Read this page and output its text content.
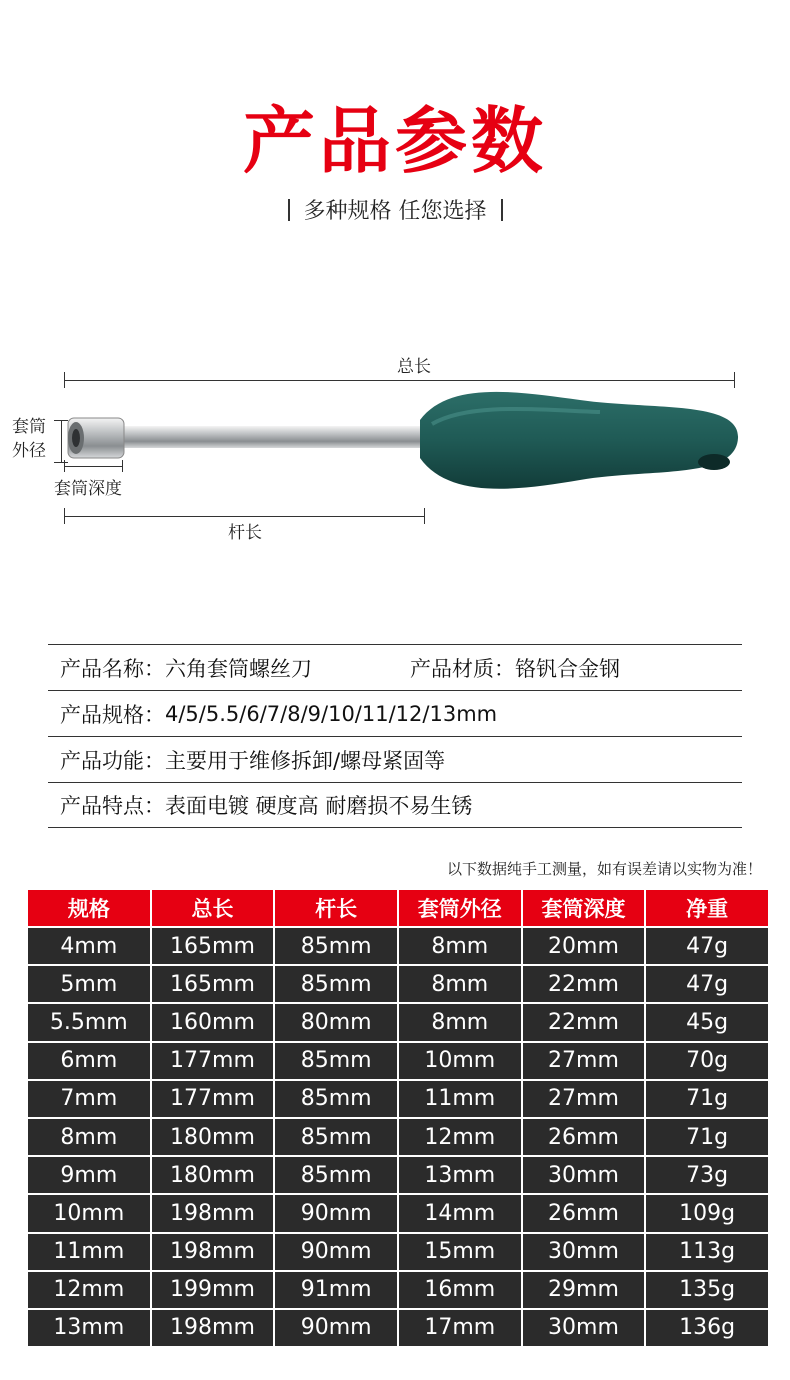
产品参数
多种规格 任您选择
总长
套筒
外径
套筒深度
杆长
产品名称： 六角套筒螺丝刀	产品材质： 铬钒合金钢
产品规格： 4/5/5.5/6/7/8/9/10/11/12/13mm
产品功能： 主要用于维修拆卸/螺母紧固等
产品特点： 表面电镀 硬度高 耐磨损不易生锈
以下数据纯手工测量，如有误差请以实物为准！
规格	总长	杆长	套筒外径	套筒深度	净重
4mm	165mm	85mm	8mm	20mm	47g
5mm	165mm	85mm	8mm	22mm	47g
5.5mm	160mm	80mm	8mm	22mm	45g
6mm	177mm	85mm	10mm	27mm	70g
7mm	177mm	85mm	11mm	27mm	71g
8mm	180mm	85mm	12mm	26mm	71g
9mm	180mm	85mm	13mm	30mm	73g
10mm	198mm	90mm	14mm	26mm	109g
11mm	198mm	90mm	15mm	30mm	113g
12mm	199mm	91mm	16mm	29mm	135g
13mm	198mm	90mm	17mm	30mm	136g
